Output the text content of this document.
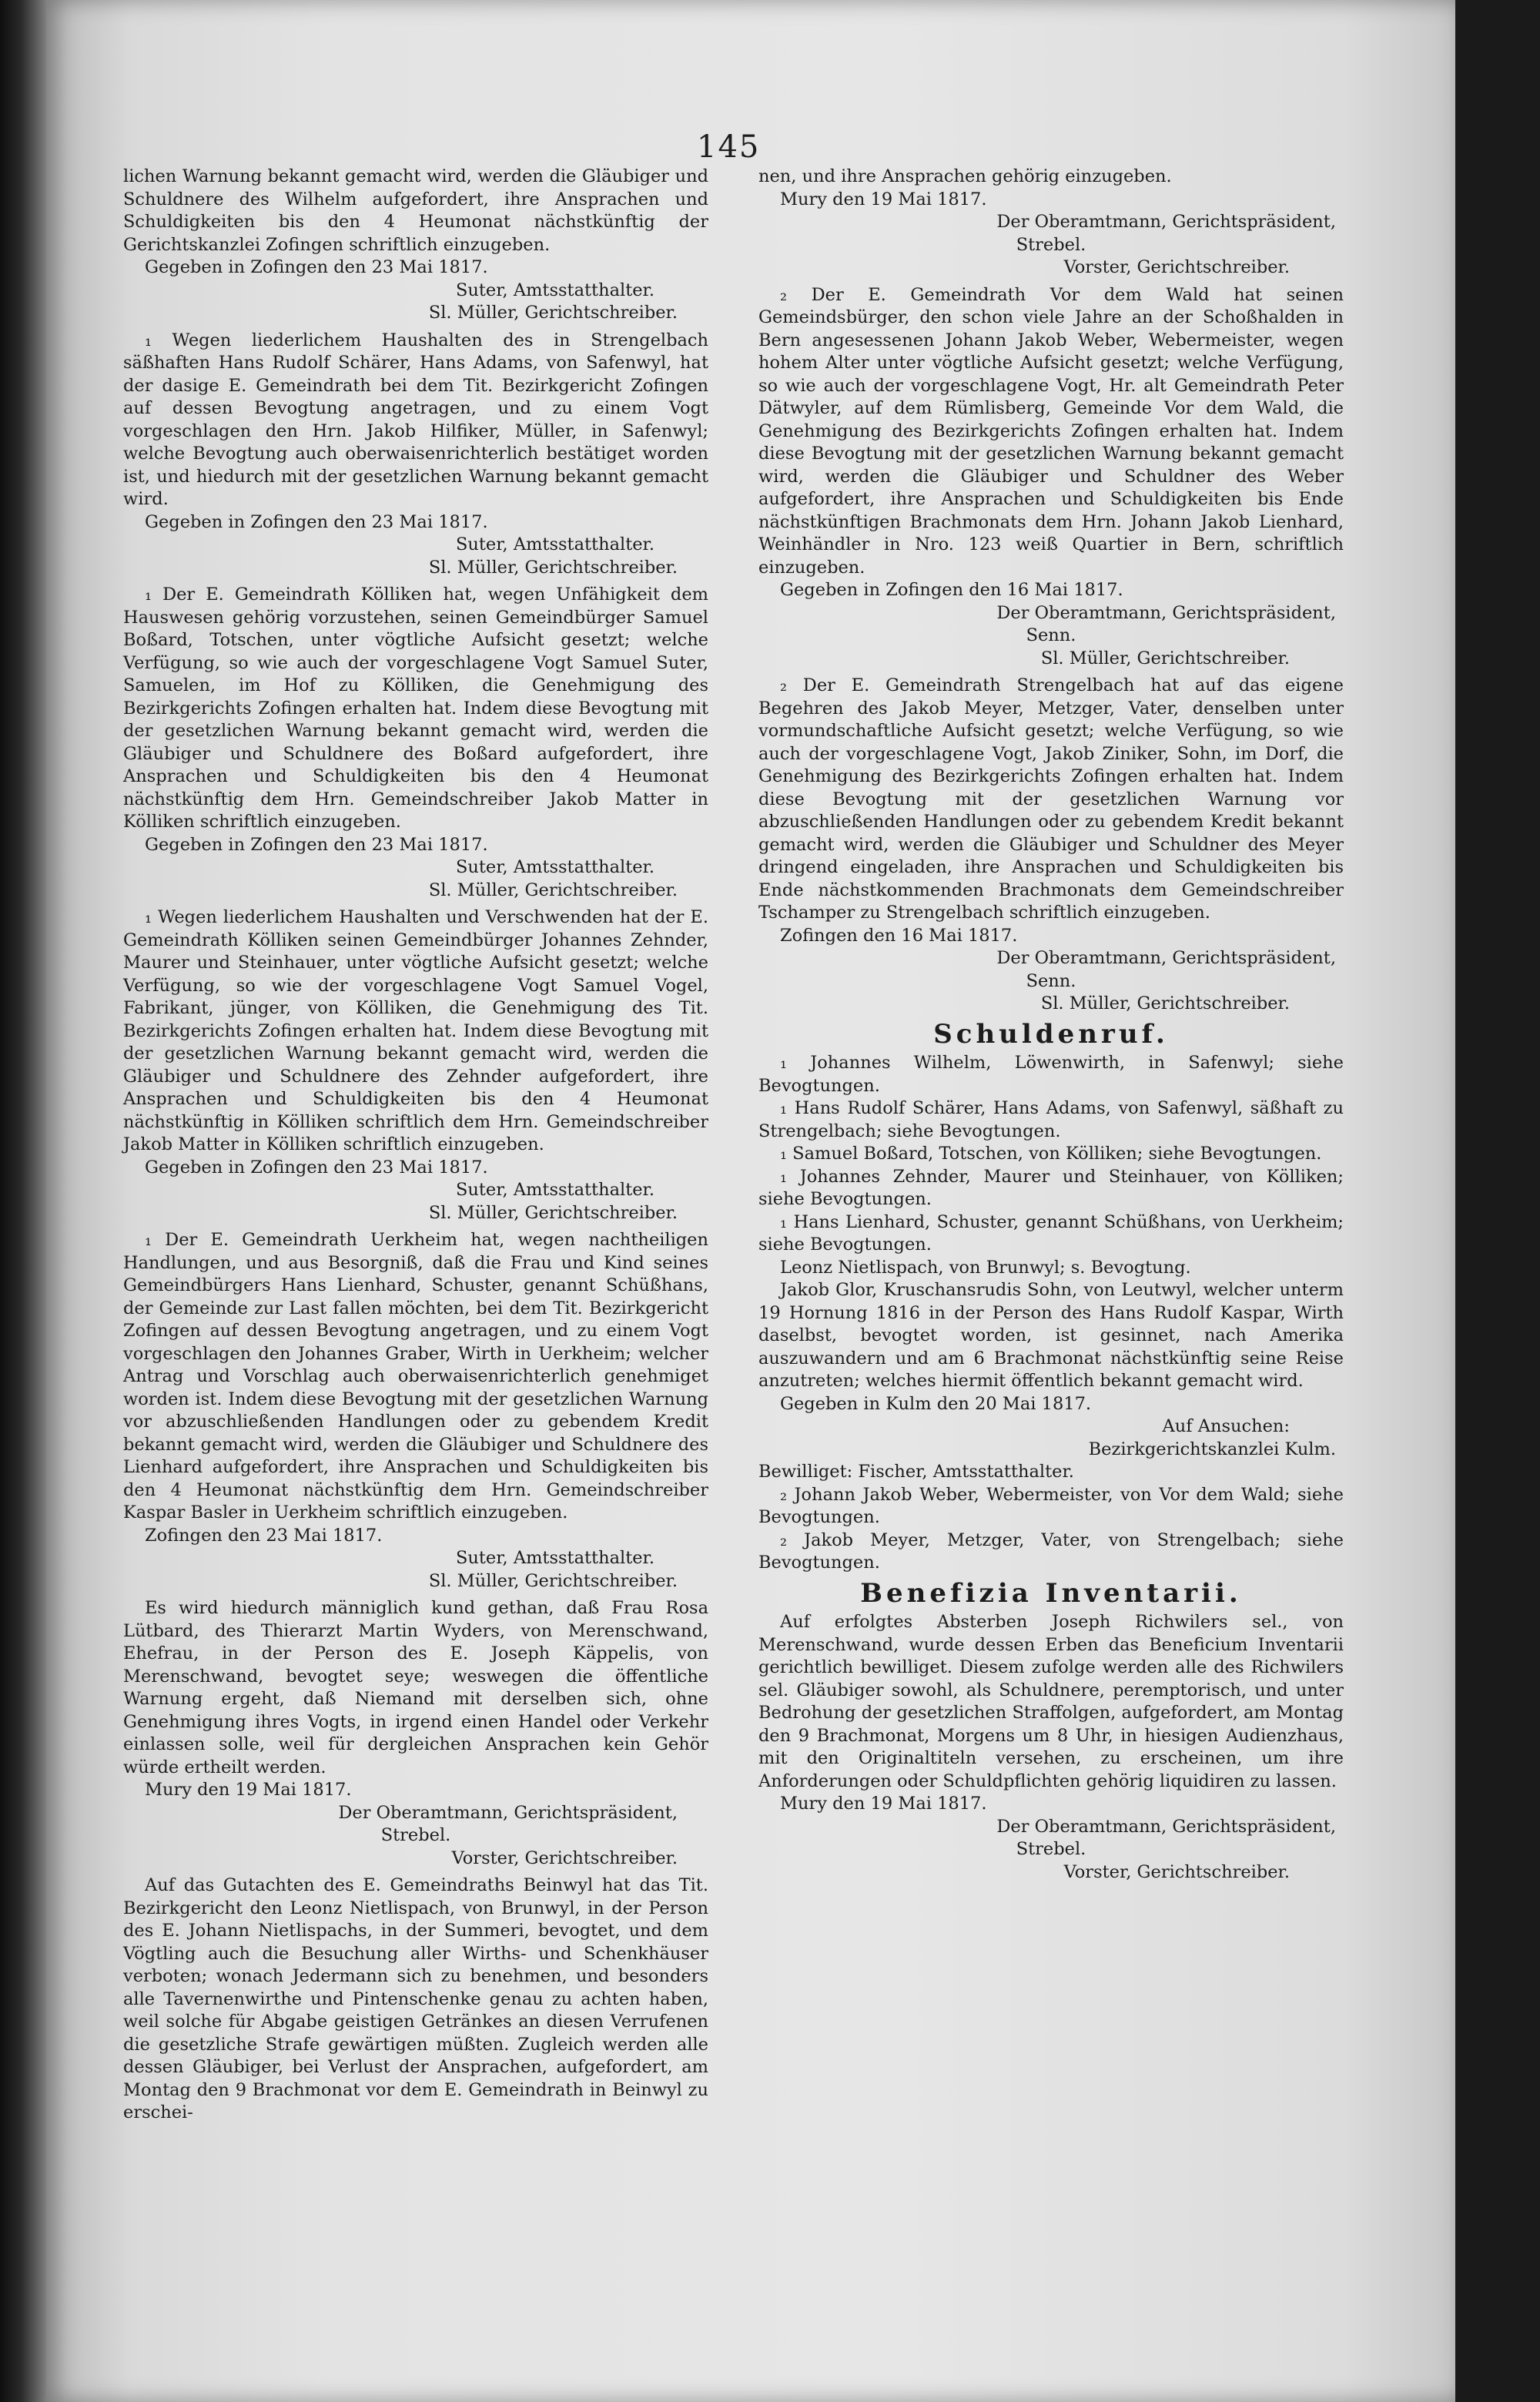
145

lichen Warnung bekannt gemacht wird, werden die Gläubiger und Schuldnere des Wilhelm aufgefordert, ihre Ansprachen und Schuldigkeiten bis den 4 Heumonat nächstkünftig der Gerichtskanzlei Zofingen schriftlich einzugeben.

Gegeben in Zofingen den 23 Mai 1817.

Suter, Amtsstatthalter.
Sl. Müller, Gerichtschreiber.

₁ Wegen liederlichem Haushalten des in Strengelbach säßhaften Hans Rudolf Schärer, Hans Adams, von Safenwyl, hat der dasige E. Gemeindrath bei dem Tit. Bezirkgericht Zofingen auf dessen Bevogtung angetragen, und zu einem Vogt vorgeschlagen den Hrn. Jakob Hilfiker, Müller, in Safenwyl; welche Bevogtung auch oberwaisenrichterlich bestätiget worden ist, und hiedurch mit der gesetzlichen Warnung bekannt gemacht wird.

Gegeben in Zofingen den 23 Mai 1817.

Suter, Amtsstatthalter.
Sl. Müller, Gerichtschreiber.

₁ Der E. Gemeindrath Kölliken hat, wegen Unfähigkeit dem Hauswesen gehörig vorzustehen, seinen Gemeindbürger Samuel Boßard, Totschen, unter vögtliche Aufsicht gesetzt; welche Verfügung, so wie auch der vorgeschlagene Vogt Samuel Suter, Samuelen, im Hof zu Kölliken, die Genehmigung des Bezirkgerichts Zofingen erhalten hat. Indem diese Bevogtung mit der gesetzlichen Warnung bekannt gemacht wird, werden die Gläubiger und Schuldnere des Boßard aufgefordert, ihre Ansprachen und Schuldigkeiten bis den 4 Heumonat nächstkünftig dem Hrn. Gemeindschreiber Jakob Matter in Kölliken schriftlich einzugeben.

Gegeben in Zofingen den 23 Mai 1817.

Suter, Amtsstatthalter.
Sl. Müller, Gerichtschreiber.

₁ Wegen liederlichem Haushalten und Verschwenden hat der E. Gemeindrath Kölliken seinen Gemeindbürger Johannes Zehnder, Maurer und Steinhauer, unter vögtliche Aufsicht gesetzt; welche Verfügung, so wie der vorgeschlagene Vogt Samuel Vogel, Fabrikant, jünger, von Kölliken, die Genehmigung des Tit. Bezirkgerichts Zofingen erhalten hat. Indem diese Bevogtung mit der gesetzlichen Warnung bekannt gemacht wird, werden die Gläubiger und Schuldnere des Zehnder aufgefordert, ihre Ansprachen und Schuldigkeiten bis den 4 Heumonat nächstkünftig in Kölliken schriftlich dem Hrn. Gemeindschreiber Jakob Matter in Kölliken schriftlich einzugeben.

Gegeben in Zofingen den 23 Mai 1817.

Suter, Amtsstatthalter.
Sl. Müller, Gerichtschreiber.

₁ Der E. Gemeindrath Uerkheim hat, wegen nachtheiligen Handlungen, und aus Besorgniß, daß die Frau und Kind seines Gemeindbürgers Hans Lienhard, Schuster, genannt Schüßhans, der Gemeinde zur Last fallen möchten, bei dem Tit. Bezirkgericht Zofingen auf dessen Bevogtung angetragen, und zu einem Vogt vorgeschlagen den Johannes Graber, Wirth in Uerkheim; welcher Antrag und Vorschlag auch oberwaisenrichterlich genehmiget worden ist. Indem diese Bevogtung mit der gesetzlichen Warnung vor abzuschließenden Handlungen oder zu gebendem Kredit bekannt gemacht wird, werden die Gläubiger und Schuldnere des Lienhard aufgefordert, ihre Ansprachen und Schuldigkeiten bis den 4 Heumonat nächstkünftig dem Hrn. Gemeindschreiber Kaspar Basler in Uerkheim schriftlich einzugeben.

Zofingen den 23 Mai 1817.

Suter, Amtsstatthalter.
Sl. Müller, Gerichtschreiber.

Es wird hiedurch männiglich kund gethan, daß Frau Rosa Lütbard, des Thierarzt Martin Wyders, von Merenschwand, Ehefrau, in der Person des E. Joseph Käppelis, von Merenschwand, bevogtet seye; weswegen die öffentliche Warnung ergeht, daß Niemand mit derselben sich, ohne Genehmigung ihres Vogts, in irgend einen Handel oder Verkehr einlassen solle, weil für dergleichen Ansprachen kein Gehör würde ertheilt werden.

Mury den 19 Mai 1817.

Der Oberamtmann, Gerichtspräsident,
Strebel.
Vorster, Gerichtschreiber.

Auf das Gutachten des E. Gemeindraths Beinwyl hat das Tit. Bezirkgericht den Leonz Nietlispach, von Brunwyl, in der Person des E. Johann Nietlispachs, in der Summeri, bevogtet, und dem Vögtling auch die Besuchung aller Wirths- und Schenkhäuser verboten; wonach Jedermann sich zu benehmen, und besonders alle Tavernenwirthe und Pintenschenke genau zu achten haben, weil solche für Abgabe geistigen Getränkes an diesen Verrufenen die gesetzliche Strafe gewärtigen müßten. Zugleich werden alle dessen Gläubiger, bei Verlust der Ansprachen, aufgefordert, am Montag den 9 Brachmonat vor dem E. Gemeindrath in Beinwyl zu erschei-

nen, und ihre Ansprachen gehörig einzugeben.

Mury den 19 Mai 1817.

Der Oberamtmann, Gerichtspräsident,
Strebel.
Vorster, Gerichtschreiber.

₂ Der E. Gemeindrath Vor dem Wald hat seinen Gemeindsbürger, den schon viele Jahre an der Schoßhalden in Bern angesessenen Johann Jakob Weber, Webermeister, wegen hohem Alter unter vögtliche Aufsicht gesetzt; welche Verfügung, so wie auch der vorgeschlagene Vogt, Hr. alt Gemeindrath Peter Dätwyler, auf dem Rümlisberg, Gemeinde Vor dem Wald, die Genehmigung des Bezirkgerichts Zofingen erhalten hat. Indem diese Bevogtung mit der gesetzlichen Warnung bekannt gemacht wird, werden die Gläubiger und Schuldner des Weber aufgefordert, ihre Ansprachen und Schuldigkeiten bis Ende nächstkünftigen Brachmonats dem Hrn. Johann Jakob Lienhard, Weinhändler in Nro. 123 weiß Quartier in Bern, schriftlich einzugeben.

Gegeben in Zofingen den 16 Mai 1817.

Der Oberamtmann, Gerichtspräsident,
Senn.
Sl. Müller, Gerichtschreiber.

₂ Der E. Gemeindrath Strengelbach hat auf das eigene Begehren des Jakob Meyer, Metzger, Vater, denselben unter vormundschaftliche Aufsicht gesetzt; welche Verfügung, so wie auch der vorgeschlagene Vogt, Jakob Ziniker, Sohn, im Dorf, die Genehmigung des Bezirkgerichts Zofingen erhalten hat. Indem diese Bevogtung mit der gesetzlichen Warnung vor abzuschließenden Handlungen oder zu gebendem Kredit bekannt gemacht wird, werden die Gläubiger und Schuldner des Meyer dringend eingeladen, ihre Ansprachen und Schuldigkeiten bis Ende nächstkommenden Brachmonats dem Gemeindschreiber Tschamper zu Strengelbach schriftlich einzugeben.

Zofingen den 16 Mai 1817.

Der Oberamtmann, Gerichtspräsident,
Senn.
Sl. Müller, Gerichtschreiber.
Schuldenruf.

₁ Johannes Wilhelm, Löwenwirth, in Safenwyl; siehe Bevogtungen.

₁ Hans Rudolf Schärer, Hans Adams, von Safenwyl, säßhaft zu Strengelbach; siehe Bevogtungen.

₁ Samuel Boßard, Totschen, von Kölliken; siehe Bevogtungen.

₁ Johannes Zehnder, Maurer und Steinhauer, von Kölliken; siehe Bevogtungen.

₁ Hans Lienhard, Schuster, genannt Schüßhans, von Uerkheim; siehe Bevogtungen.

Leonz Nietlispach, von Brunwyl; s. Bevogtung.

Jakob Glor, Kruschansrudis Sohn, von Leutwyl, welcher unterm 19 Hornung 1816 in der Person des Hans Rudolf Kaspar, Wirth daselbst, bevogtet worden, ist gesinnet, nach Amerika auszuwandern und am 6 Brachmonat nächstkünftig seine Reise anzutreten; welches hiermit öffentlich bekannt gemacht wird.

Gegeben in Kulm den 20 Mai 1817.

Auf Ansuchen:
Bezirkgerichtskanzlei Kulm.

Bewilliget: Fischer, Amtsstatthalter.

₂ Johann Jakob Weber, Webermeister, von Vor dem Wald; siehe Bevogtungen.

₂ Jakob Meyer, Metzger, Vater, von Strengelbach; siehe Bevogtungen.

Benefizia Inventarii.

Auf erfolgtes Absterben Joseph Richwilers sel., von Merenschwand, wurde dessen Erben das Beneficium Inventarii gerichtlich bewilliget. Diesem zufolge werden alle des Richwilers sel. Gläubiger sowohl, als Schuldnere, peremptorisch, und unter Bedrohung der gesetzlichen Straffolgen, aufgefordert, am Montag den 9 Brachmonat, Morgens um 8 Uhr, in hiesigen Audienzhaus, mit den Originaltiteln versehen, zu erscheinen, um ihre Anforderungen oder Schuldpflichten gehörig liquidiren zu lassen.

Mury den 19 Mai 1817.

Der Oberamtmann, Gerichtspräsident,
Strebel.
Vorster, Gerichtschreiber.
